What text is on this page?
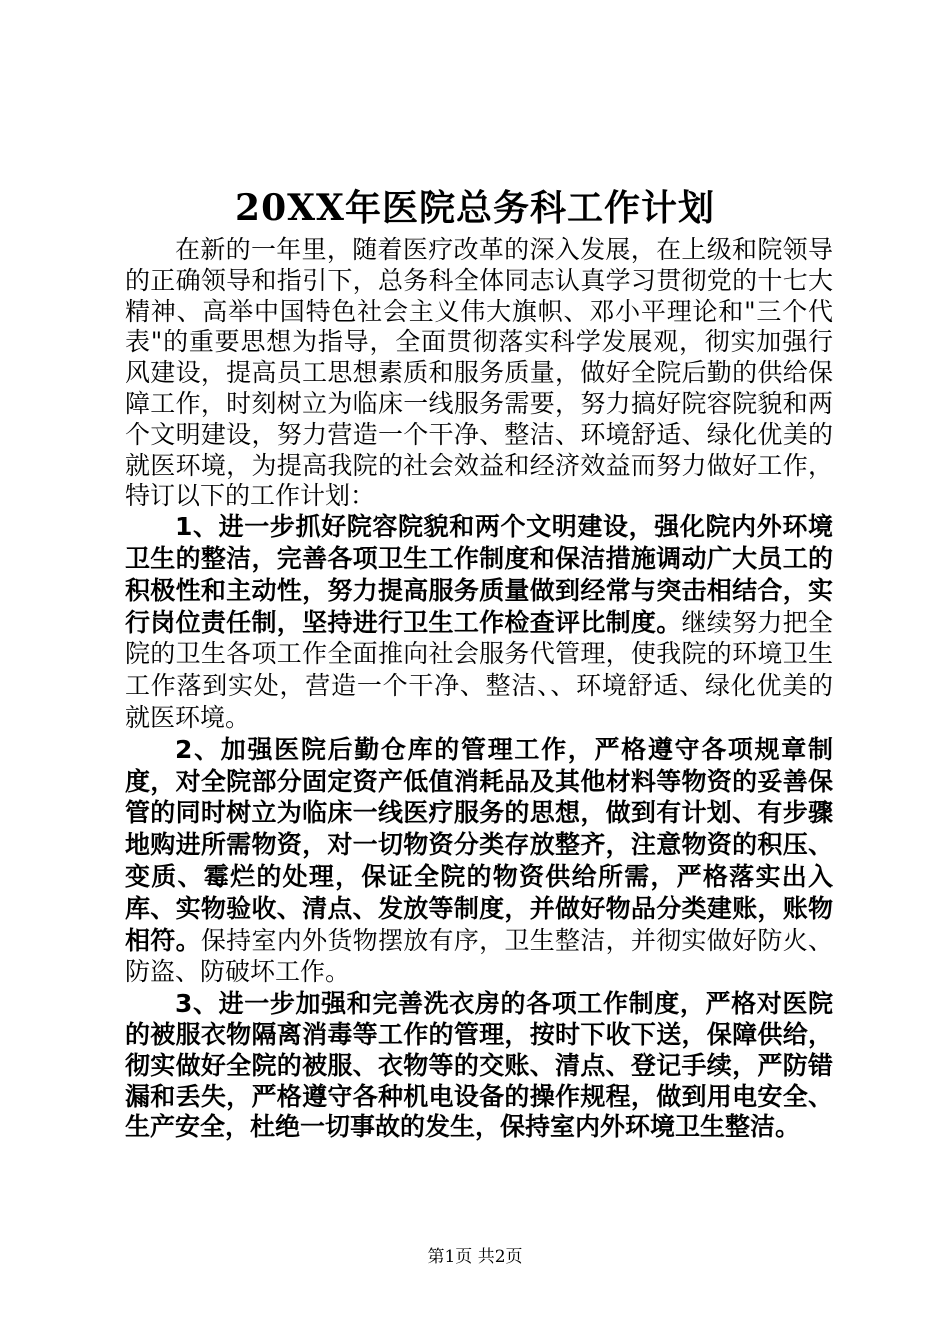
20XX年医院总务科工作计划

在新的一年里，随着医疗改革的深入发展，在上级和院领导的正确领导和指引下，总务科全体同志认真学习贯彻党的十七大精神、高举中国特色社会主义伟大旗帜、邓小平理论和"三个代表"的重要思想为指导，全面贯彻落实科学发展观，彻实加强行风建设，提高员工思想素质和服务质量，做好全院后勤的供给保障工作，时刻树立为临床一线服务需要，努力搞好院容院貌和两个文明建设，努力营造一个干净、整洁、环境舒适、绿化优美的就医环境，为提高我院的社会效益和经济效益而努力做好工作，特订以下的工作计划：

1、进一步抓好院容院貌和两个文明建设，强化院内外环境卫生的整洁，完善各项卫生工作制度和保洁措施调动广大员工的积极性和主动性，努力提高服务质量做到经常与突击相结合，实行岗位责任制，坚持进行卫生工作检查评比制度。继续努力把全院的卫生各项工作全面推向社会服务代管理，使我院的环境卫生工作落到实处，营造一个干净、整洁、、环境舒适、绿化优美的就医环境。

2、加强医院后勤仓库的管理工作，严格遵守各项规章制度，对全院部分固定资产低值消耗品及其他材料等物资的妥善保管的同时树立为临床一线医疗服务的思想，做到有计划、有步骤地购进所需物资，对一切物资分类存放整齐，注意物资的积压、变质、霉烂的处理，保证全院的物资供给所需，严格落实出入库、实物验收、清点、发放等制度，并做好物品分类建账，账物相符。保持室内外货物摆放有序，卫生整洁，并彻实做好防火、防盗、防破坏工作。

3、进一步加强和完善洗衣房的各项工作制度，严格对医院的被服衣物隔离消毒等工作的管理，按时下收下送，保障供给，彻实做好全院的被服、衣物等的交账、清点、登记手续，严防错漏和丢失，严格遵守各种机电设备的操作规程，做到用电安全、生产安全，杜绝一切事故的发生，保持室内外环境卫生整洁。

第1页 共2页
